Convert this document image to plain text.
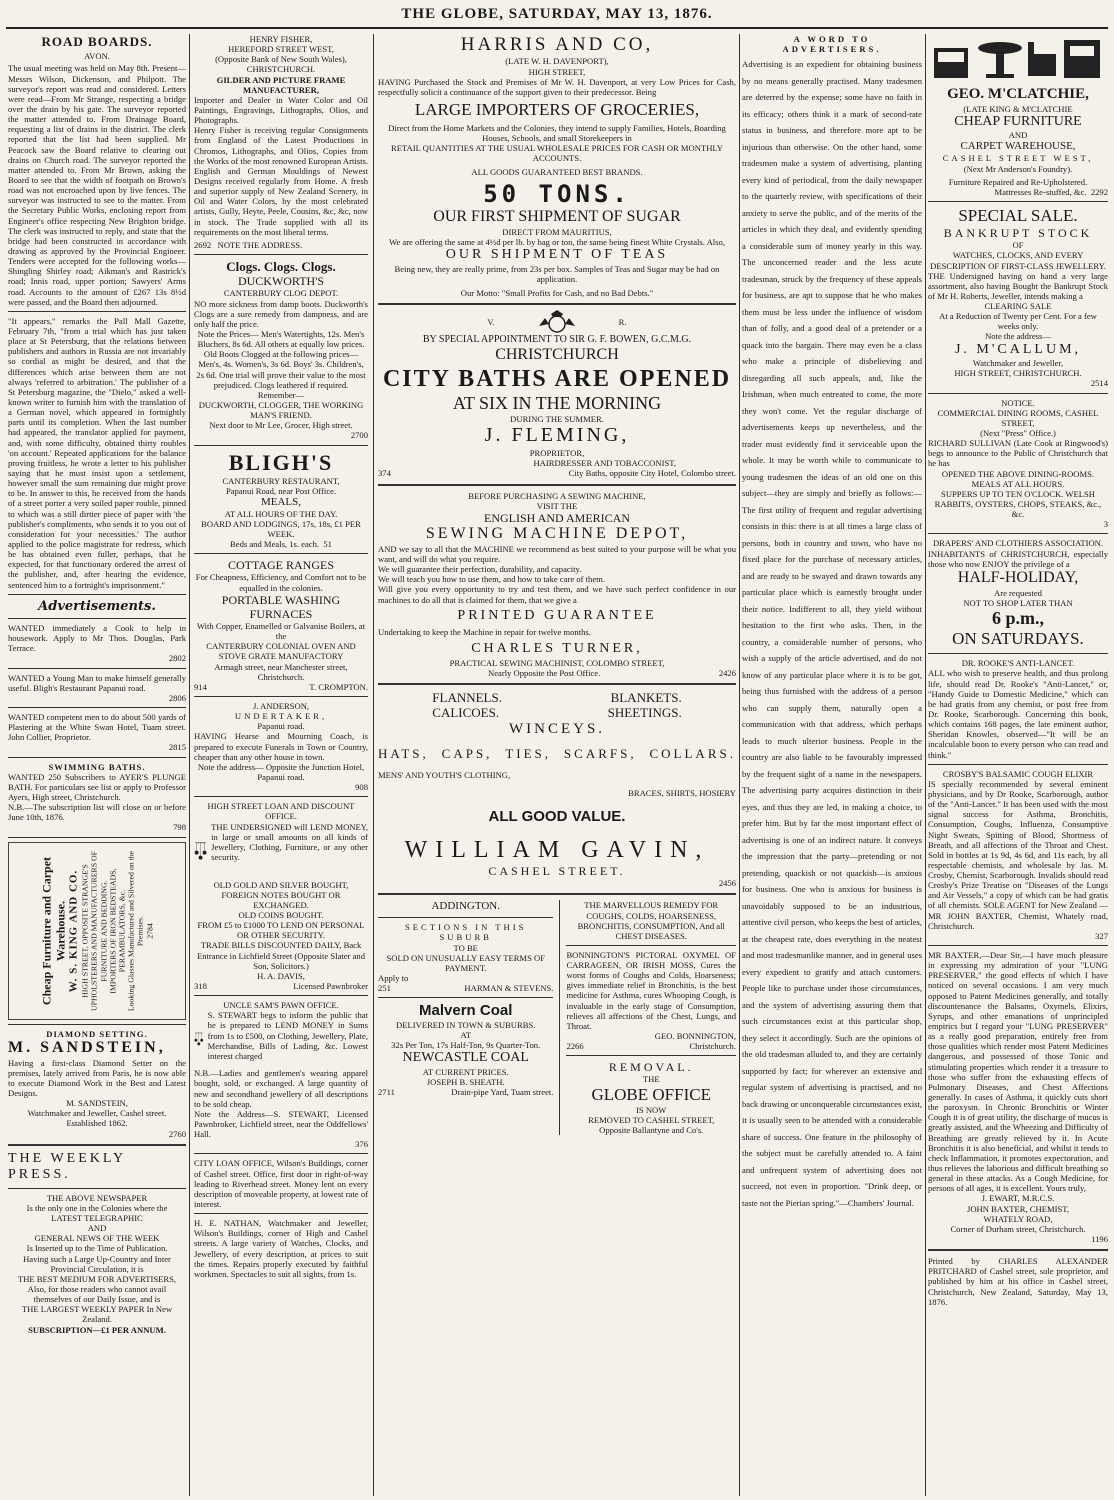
THE GLOBE, SATURDAY, MAY 13, 1876.
ROAD BOARDS.
AVON.
The usual meeting was held on May 8th. Present—Messrs Wilson, Dickenson, and Philpott. The surveyor's report was read and considered. Letters were read—From Mr Strange, respecting a bridge over the drain by his gate. The surveyor reported the matter attended to. From Drainage Board, requesting a list of drains in the district. The clerk reported that the list had been supplied. Mr Peacock saw the Board relative to clearing out drains on Church road. The surveyor reported the matter attended to. From Mr Brown, asking the Board to see that the width of footpath on Brown's road was not encroached upon by live fences. The surveyor was instructed to see to the matter. From the Secretary Public Works, enclosing report from Engineer's office respecting New Brighton bridge. The clerk was instructed to reply, and state that the bridge had been constructed in accordance with drawing as approved by the Provincial Engineer. Tenders were accepted for the following works—Shingling Shirley road; Aikman's and Rastrick's road; Innis road, upper portion; Sawyers' Arms road. Accounts to the amount of £267 13s 8½d were passed, and the Board then adjourned.
"It appears," remarks the Pall Mall Gazette, February 7th, "from a trial which has just taken place at St Petersburg, that the relations between publishers and authors in Russia are not invariably so cordial as might be desired, and that the differences which arise between them are not always 'referred to arbitration.' The publisher of a St Petersburg magazine, the "Dielo," asked a well-known writer to furnish him with the translation of a German novel, which appeared in fortnightly parts until its completion. When the last number had appeared, the translator applied for payment, and, with some difficulty, obtained thirty roubles 'on account.' Repeated applications for the balance proving fruitless, he wrote a letter to his publisher saying that he must insist upon a settlement, however small the sum remaining due might prove to be. In answer to this, he received from the hands of a street porter a very soiled paper rouble, pinned to which was a still dirtier piece of paper with 'the publisher's compliments, who sends it to you out of consideration for your necessities.' The author applied to the police magistrate for redress, which he has obtained even fuller, perhaps, that he expected, for that functionary ordered the arrest of the publisher, and, after hearing the evidence, sentenced him to a fortnight's imprisonment."
Advertisements.
WANTED immediately a Cook to help in housework. Apply to Mr Thos. Douglas, Park Terrace.
2802
WANTED a Young Man to make himself generally useful. Bligh's Restaurant Papanui road.
2806
WANTED competent men to do about 500 yards of Plastering at the White Swan Hotel, Tuam street. John Collier, Proprietor.
2815
SWIMMING BATHS.
WANTED 250 Subscribers to AYER'S PLUNGE BATH. For particulars see list or apply to Professor Ayers, High street, Christchurch.
N.B.—The subscription list will close on or before June 10th, 1876.
798
Cheap Furniture and Carpet Warehouse. W. S. KING AND CO. HIGH STREET, OPPOSITE STRANGE'S UPHOLSTERERS AND MANUFACTURERS OF FURNITURE AND BEDDING. IMPORTERS OF IRON BEDSTEADS, PERAMBULATORS, &c. Looking Glasses Manufactured and Silvered on the Premises. 2784
DIAMOND SETTING.
M. SANDSTEIN,
Having a first-class Diamond Setter on the premises, lately arrived from Paris, he is now able to execute Diamond Work in the Best and Latest Designs.
M. SANDSTEIN,
Watchmaker and Jeweller, Cashel street. Established 1862.
2760
THE WEEKLY PRESS.
THE ABOVE NEWSPAPER
Is the only one in the Colonies where the
LATEST TELEGRAPHIC
AND
GENERAL NEWS OF THE WEEK
Is Inserted up to the Time of Publication.
Having such a Large Up-Country and Inter Provincial Circulation, it is
THE BEST MEDIUM FOR ADVERTISERS,
Also, for those readers who cannot avail themselves of our Daily Issue, and is
THE LARGEST WEEKLY PAPER In New Zealand.
SUBSCRIPTION—£1 PER ANNUM.
HENRY FISHER,
HEREFORD STREET WEST,
(Opposite Bank of New South Wales),
CHRISTCHURCH.
GILDER AND PICTURE FRAME MANUFACTURER,
Importer and Dealer in Water Color and Oil Paintings, Engravings, Lithographs, Olios, and Photographs.
Henry Fisher is receiving regular Consignments from England of the Latest Productions in Chromos, Lithographs, and Olios, Copies from the Works of the most renowned European Artists. English and German Mouldings of Newest Designs received regularly from Home. A fresh and superior supply of New Zealand Scenery, in Oil and Water Colors, by the most celebrated artists, Gully, Heyte, Peele, Cousins, &c, &c, now in stock. The Trade supplied with all its requirements on the most liberal terms.
2692 NOTE THE ADDRESS.
Clogs. Clogs. Clogs.
DUCKWORTH'S
CANTERBURY CLOG DEPOT.
NO more sickness from damp boots. Duckworth's Clogs are a sure remedy from dampness, and are only half the price.
Note the Prices— Men's Watertights, 12s. Men's Bluchers, 8s 6d. All others at equally low prices. Old Boots Clogged at the following prices— Men's, 4s. Women's, 3s 6d. Boys' 3s. Children's, 2s 6d. One trial will prove their value to the most prejudiced. Clogs leathered if required. Remember—
DUCKWORTH, CLOGGER, THE WORKING MAN'S FRIEND.
Next door to Mr Lee, Grocer, High street.
2700
BLIGH'S
CANTERBURY RESTAURANT,
Papanui Road, near Post Office.
MEALS,
AT ALL HOURS OF THE DAY.
BOARD AND LODGINGS, 17s, 18s, £1 PER WEEK.
Beds and Meals, 1s. each. 51
COTTAGE RANGES
For Cheapness, Efficiency, and Comfort not to be equalled in the colonies.
PORTABLE WASHING FURNACES
With Copper, Enamelled or Galvanise Boilers, at the
CANTERBURY COLONIAL OVEN AND STOVE GRATE MANUFACTORY
Armagh street, near Manchester street, Christchurch.
914	T. CROMPTON.
J. ANDERSON,
UNDERTAKER,
Papanui road.
HAVING Hearse and Mourning Coach, is prepared to execute Funerals in Town or Country, cheaper than any other house in town.
Note the address— Opposite the Junction Hotel, Papanui road.
908
HIGH STREET LOAN AND DISCOUNT OFFICE.
THE UNDERSIGNED will LEND MONEY, in large or small amounts on all kinds of Jewellery, Clothing, Furniture, or any other security.
OLD GOLD AND SILVER BOUGHT, FOREIGN NOTES BOUGHT OR EXCHANGED.
OLD COINS BOUGHT.
FROM £5 to £1000 TO LEND ON PERSONAL OR OTHER SECURITY.
TRADE BILLS DISCOUNTED DAILY, Back Entrance in Lichfield Street (Opposite Slater and Son, Solicitors.)
H. A. DAVIS,
318	Licensed Pawnbroker
UNCLE SAM'S PAWN OFFICE.
S. STEWART begs to inform the public that he is prepared to LEND MONEY in Sums from 1s to £500, on Clothing, Jewellery, Plate, Merchandise, Bills of Lading, &c. Lowest interest charged
N.B.—Ladies and gentlemen's wearing apparel bought, sold, or exchanged. A large quantity of new and secondhand jewellery of all descriptions to be sold cheap.
Note the Address—S. STEWART, Licensed Pawnbroker, Lichfield street, near the Oddfellows' Hall.
376
CITY LOAN OFFICE, Wilson's Buildings, corner of Cashel street. Office, first door in right-of-way leading to Riverhead street. Money lent on every description of moveable property, at lowest rate of interest.
H. E. NATHAN, Watchmaker and Jeweller, Wilson's Buildings, corner of High and Cashel streets. A large variety of Watches, Clocks, and Jewellery, of every description, at prices to suit the times. Repairs properly executed by faithful workmen. Spectacles to suit all sights, from 1s.
HARRIS AND CO,
(LATE W. H. DAVENPORT),
HIGH STREET,
HAVING Purchased the Stock and Premises of Mr W. H. Davenport, at very Low Prices for Cash, respectfully solicit a continuance of the support given to their predecessor. Being
LARGE IMPORTERS OF GROCERIES,
Direct from the Home Markets and the Colonies, they intend to supply Families, Hotels, Boarding Houses, Schools, and small Storekeepers in
RETAIL QUANTITIES AT THE USUAL WHOLESALE PRICES FOR CASH OR MONTHLY ACCOUNTS.
ALL GOODS GUARANTEED BEST BRANDS.
50 TONS.
OUR FIRST SHIPMENT OF SUGAR
DIRECT FROM MAURITIUS,
We are offering the same at 4½d per lb. by bag or ton, the same being finest White Crystals. Also,
OUR SHIPMENT OF TEAS
Being new, they are really prime, from 23s per box. Samples of Teas and Sugar may be had on application.
Our Motto: "Small Profits for Cash, and no Bad Debts."
V.	R.
BY SPECIAL APPOINTMENT TO SIR G. F. BOWEN, G.C.M.G.
CHRISTCHURCH
CITY BATHS ARE OPENED
AT SIX IN THE MORNING
DURING THE SUMMER.
J. FLEMING,
PROPRIETOR,
HAIRDRESSER AND TOBACCONIST,
374	City Baths, opposite City Hotel, Colombo street.
BEFORE PURCHASING A SEWING MACHINE,
VISIT THE
ENGLISH AND AMERICAN
SEWING MACHINE DEPOT,
AND we say to all that the MACHINE we recommend as best suited to your purpose will be what you want, and will do what you require.
We will guarantee their perfection, durability, and capacity.
We will teach you how to use them, and how to take care of them.
Will give you every opportunity to try and test them, and we have such perfect confidence in our machines to do all that is claimed for them, that we give a
PRINTED GUARANTEE
Undertaking to keep the Machine in repair for twelve months.
CHARLES TURNER,
PRACTICAL SEWING MACHINIST, COLOMBO STREET,
Nearly Opposite the Post Office.	2426
FLANNELS.	BLANKETS.
CALICOES.	SHEETINGS.
WINCEYS.
HATS, CAPS, TIES, SCARFS, COLLARS.
MENS' AND YOUTH'S CLOTHING,
BRACES, SHIRTS, HOSIERY
ALL GOOD VALUE.
WILLIAM GAVIN,
CASHEL STREET.
2456
ADDINGTON.
SECTIONS IN THIS SUBURB
TO BE
SOLD ON UNUSUALLY EASY TERMS OF PAYMENT.
Apply to
251	HARMAN & STEVENS.
Malvern Coal
DELIVERED IN TOWN & SUBURBS.
AT
32s Per Ton, 17s Half-Ton, 9s Quarter-Ton.
NEWCASTLE COAL
AT CURRENT PRICES.
JOSEPH B. SHEATH.
2711	Drain-pipe Yard, Tuam street.
THE MARVELLOUS REMEDY FOR COUGHS, COLDS, HOARSENESS, BRONCHITIS, CONSUMPTION, And all CHEST DISEASES.
BONNINGTON'S PICTORAL OXYMEL OF CARRAGEEN, OR IRISH MOSS, Cures the worst forms of Coughs and Colds, Hoarseness; gives immediate relief in Bronchitis, is the best medicine for Asthma, cures Whooping Cough, is invaluable in the early stage of Consumption, relieves all affections of the Chest, Lungs, and Throat.
GEO. BONNINGTON,
2266	Christchurch.
REMOVAL.
THE
GLOBE OFFICE
IS NOW
REMOVED TO CASHEL STREET,
Opposite Ballantyne and Co's.
A WORD TO ADVERTISERS.
Advertising is an expedient for obtaining business by no means generally practised. Many tradesmen are deterred by the expense; some have no faith in its efficacy; others think it a mark of second-rate status in business, and therefore more apt to be injurious than otherwise. On the other hand, some tradesmen make a system of advertising, planting every kind of periodical, from the daily newspaper to the quarterly review, with specifications of their anxiety to serve the public, and of the merits of the articles in which they deal, and evidently spending a considerable sum of money yearly in this way. The unconcerned reader and the less acute tradesman, struck by the frequency of these appeals for business, are apt to suppose that he who makes them must be less under the influence of wisdom than of folly, and a good deal of a pretender or a quack into the bargain. There may even be a class who make a principle of disbelieving and disregarding all such appeals, and, like the Irishman, when much entreated to come, the more they won't come. Yet the regular discharge of advertisements keeps up nevertheless, and the trader must evidently find it serviceable upon the whole. It may be worth while to communicate to young tradesmen the ideas of an old one on this subject—they are simply and briefly as follows:—The first utility of frequent and regular advertising consists in this: there is at all times a large class of persons, both in country and town, who have no fixed place for the purchase of necessary articles, and are ready to be swayed and drawn towards any particular place which is earnestly brought under their notice. Indifferent to all, they yield without hesitation to the first who asks. Then, in the country, a considerable number of persons, who wish a supply of the article advertised, and do not know of any particular place where it is to be got, being thus furnished with the address of a person who can supply them, naturally open a communication with that address, which perhaps leads to much ulterior business. People in the country are also liable to be favourably impressed by the frequent sight of a name in the newspapers. The advertising party acquires distinction in their eyes, and thus they are led, in making a choice, to prefer him. But by far the most important effect of advertising is one of an indirect nature. It conveys the impression that the party—pretending or not pretending, quackish or not quackish—is anxious for business. One who is anxious for business is unavoidably supposed to be an industrious, attentive civil person, who keeps the best of articles, at the cheapest rate, does everything in the neatest and most tradesmanlike manner, and in general uses every expedient to gratify and attach customers. People like to purchase under those circumstances, and the system of advertising assuring them that such circumstances exist at this particular shop, they select it accordingly. Such are the opinions of the old tradesman alluded to, and they are certainly supported by fact; for wherever an extensive and regular system of advertising is practised, and no back drawing or unconquerable circumstances exist, it is usually seen to be attended with a considerable share of success. One feature in the philosophy of the subject must be carefully attended to. A faint and unfrequent system of advertising does not succeed, not even in proportion. "Drink deep, or taste not the Pierian spring."—Chambers' Journal.
GEO. M'CLATCHIE,
(LATE KING & M'CLATCHIE
CHEAP FURNITURE
AND
CARPET WAREHOUSE,
CASHEL STREET WEST,
(Next Mr Anderson's Foundry).
Furniture Repaired and Re-Upholstered.
Mattresses Re-stuffed, &c. 2292
SPECIAL SALE.
BANKRUPT STOCK
OF
WATCHES, CLOCKS, AND EVERY DESCRIPTION OF FIRST-CLASS JEWELLERY.
THE Undersigned having on hand a very large assortment, also having Bought the Bankrupt Stock of Mr H. Roberts, Jeweller, intends making a
CLEARING SALE
At a Reduction of Twenty per Cent. For a few weeks only.
Note the address—
J. M'CALLUM,
Watchmaker and Jeweller,
HIGH STREET, CHRISTCHURCH.
2514
NOTICE.
COMMERCIAL DINING ROOMS, CASHEL STREET,
(Next "Press" Office.)
RICHARD SULLIVAN (Late Cook at Ringwood's) begs to announce to the Public of Christchurch that he has
OPENED THE ABOVE DINING-ROOMS. MEALS AT ALL HOURS.
SUPPERS UP TO TEN O'CLOCK. WELSH RABBITS, OYSTERS, CHOPS, STEAKS, &c., &c.
3
DRAPERS' AND CLOTHIERS ASSOCIATION.
INHABITANTS of CHRISTCHURCH, especially those who now ENJOY the privilege of a
HALF-HOLIDAY,
Are requested
NOT TO SHOP LATER THAN
6 p.m.,
ON SATURDAYS.
DR. ROOKE'S ANTI-LANCET.
ALL who wish to preserve health, and thus prolong life, should read Dr. Rooke's "Anti-Lancet," or, "Handy Guide to Domestic Medicine," which can be had gratis from any chemist, or post free from Dr. Rooke, Scarborough. Concerning this book, which contains 168 pages, the late eminent author, Sheridan Knowles, observed—"It will be an incalculable boon to every person who can read and think."
CROSBY'S BALSAMIC COUGH ELIXIR
IS specially recommended by several eminent physicians, and by Dr Rooke, Scarborough, author of the "Anti-Lancet." It has been used with the most signal success for Asthma, Bronchitis, Consumption, Coughs, Influenza, Consumptive Night Sweats, Spitting of Blood, Shortness of Breath, and all affections of the Throat and Chest. Sold in bottles at 1s 9d, 4s 6d, and 11s each, by all respectable chemists, and wholesale by Jas. M. Crosby, Chemist, Scarborough. Invalids should read Crosby's Prize Treatise on "Diseases of the Lungs and Air Vessels," a copy of which can be had gratis of all chemists. SOLE AGENT for New Zealand — MR JOHN BAXTER, Chemist, Whately road, Christchurch.
327
MR BAXTER,—Dear Sir,—I have much pleasure in expressing my admiration of your "LUNG PRESERVER," the good effects of which I have noticed on several occasions. I am very much opposed to Patent Medicines generally, and totally discountenance the Balsams, Oxymels, Elixirs, Syrups, and other emanations of unprincipled empirics but I regard your "LUNG PRESERVER" as a really good preparation, entirely free from those qualities which render most Patent Medicines dangerous, and possessed of those Tonic and stimulating properties which render it a treasure to those who suffer from the exhausting effects of Pulmonary Diseases, and Chest Affections generally. In cases of Asthma, it quickly cuts short the paroxysm. In Chronic Bronchitis or Winter Cough it is of great utility, the discharge of mucus is greatly assisted, and the Wheezing and Difficulty of Breathing are greatly relieved by it. In Acute Bronchitis it is also beneficial, and whilst it tends to check Inflammation, it promotes expectoration, and thus relieves the laborious and difficult breathing so general in these attacks. As a Cough Medicine, for persons of all ages, it is excellent. Yours truly,
J. EWART, M.R.C.S.
JOHN BAXTER, CHEMIST,
WHATELY ROAD,
Corner of Durham street, Christchurch.
1196
Printed by CHARLES ALEXANDER PRITCHARD of Cashel street, sole proprietor, and published by him at his office in Cashel street, Christchurch, New Zealand, Saturday, May 13, 1876.
